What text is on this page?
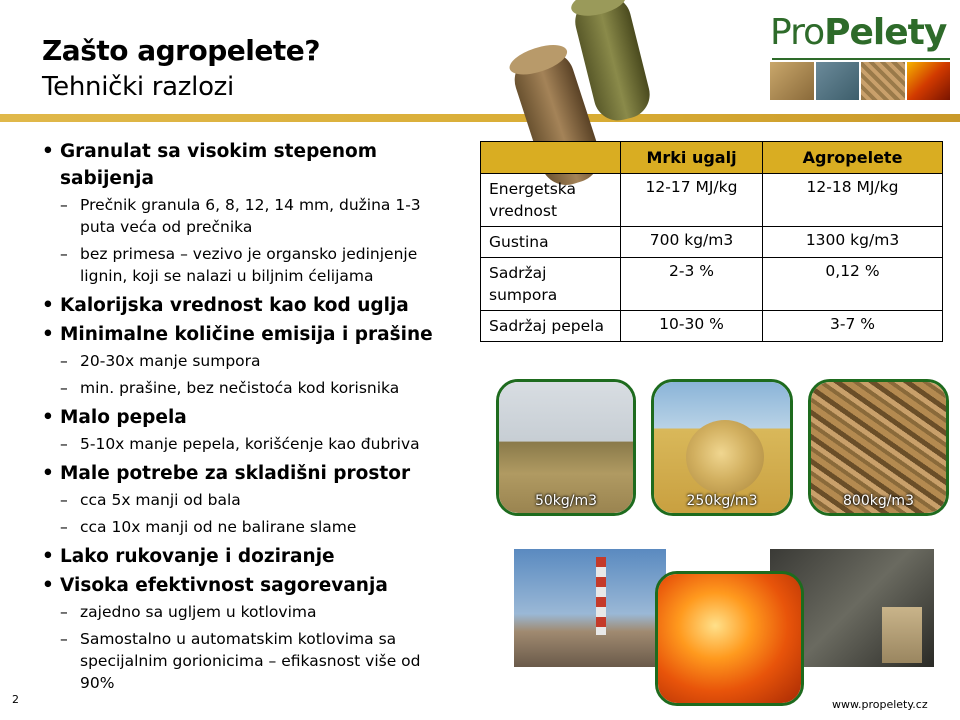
Zašto agropelete?
Tehnički razlozi
ProPelety
• Granulat sa visokim stepenom sabijenja
– Prečnik granula 6, 8, 12, 14 mm, dužina 1-3 puta veća od prečnika
– bez primesa – vezivo je organsko jedinjenje lignin, koji se nalazi u biljnim ćelijama
• Kalorijska vrednost kao kod uglja
• Minimalne količine emisija i prašine
– 20-30x manje sumpora
– min. prašine, bez nečistoća kod korisnika
• Malo pepela
– 5-10x manje pepela, korišćenje kao đubriva
• Male potrebe za skladišni prostor
– cca 5x manji od bala
– cca 10x manji od ne balirane slame
• Lako rukovanje i doziranje
• Visoka efektivnost sagorevanja
– zajedno sa ugljem u kotlovima
– Samostalno u automatskim kotlovima sa specijalnim gorionicima – efikasnost više od 90%
	Mrki ugalj	Agropelete
Energetska vrednost	12-17 MJ/kg	12-18 MJ/kg
Gustina	700 kg/m3	1300 kg/m3
Sadržaj sumpora	2-3 %	0,12 %
Sadržaj pepela	10-30 %	3-7 %
50kg/m3	250kg/m3	800kg/m3
2	www.propelety.cz
